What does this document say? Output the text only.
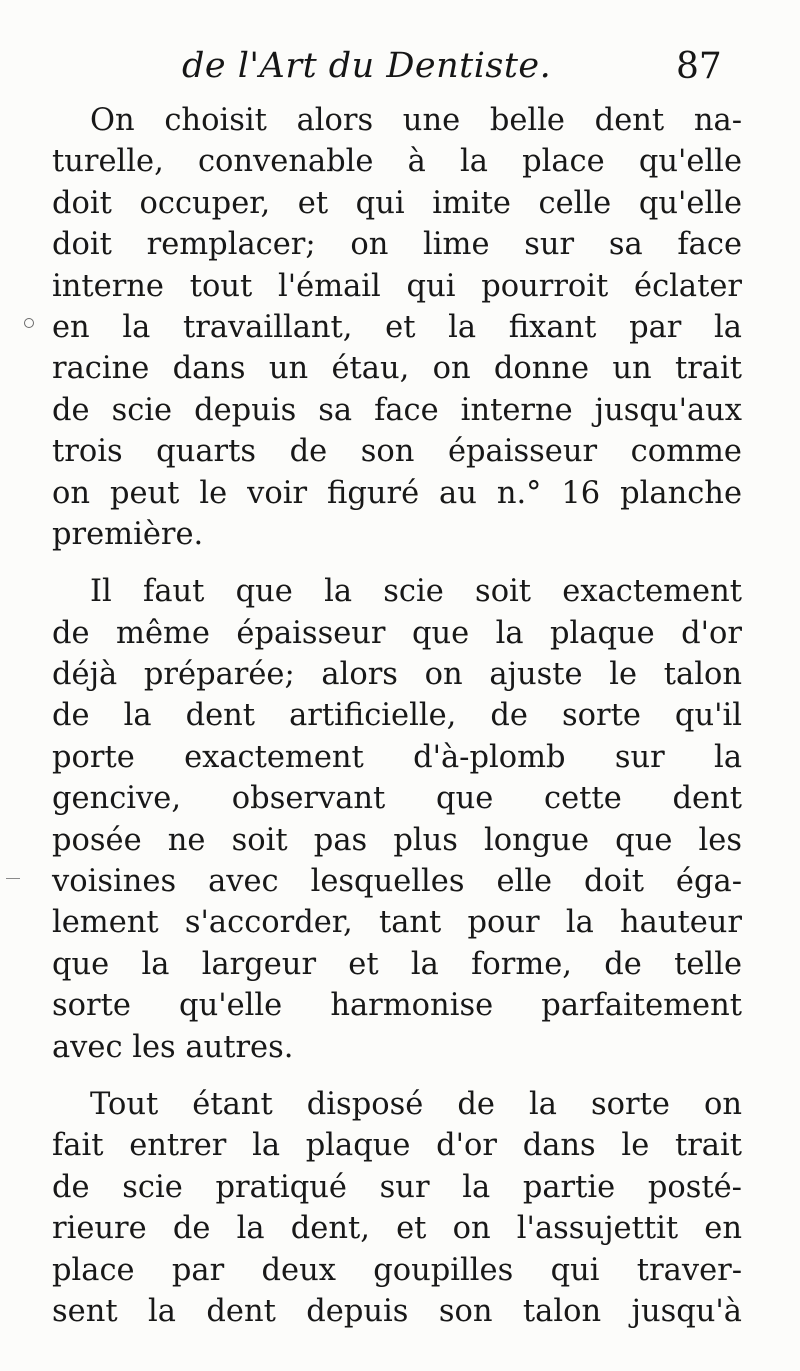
de l'Art du Dentiste.	87
On choisit alors une belle dent na-
turelle, convenable à la place qu'elle
doit occuper, et qui imite celle qu'elle
doit remplacer; on lime sur sa face
interne tout l'émail qui pourroit éclater
en la travaillant, et la fixant par la
racine dans un étau, on donne un trait
de scie depuis sa face interne jusqu'aux
trois quarts de son épaisseur comme
on peut le voir figuré au n.° 16 planche
première.
Il faut que la scie soit exactement
de même épaisseur que la plaque d'or
déjà préparée; alors on ajuste le talon
de la dent artificielle, de sorte qu'il
porte exactement d'à-plomb sur la
gencive, observant que cette dent
posée ne soit pas plus longue que les
voisines avec lesquelles elle doit éga-
lement s'accorder, tant pour la hauteur
que la largeur et la forme, de telle
sorte qu'elle harmonise parfaitement
avec les autres.
Tout étant disposé de la sorte on
fait entrer la plaque d'or dans le trait
de scie pratiqué sur la partie posté-
rieure de la dent, et on l'assujettit en
place par deux goupilles qui traver-
sent la dent depuis son talon jusqu'à
